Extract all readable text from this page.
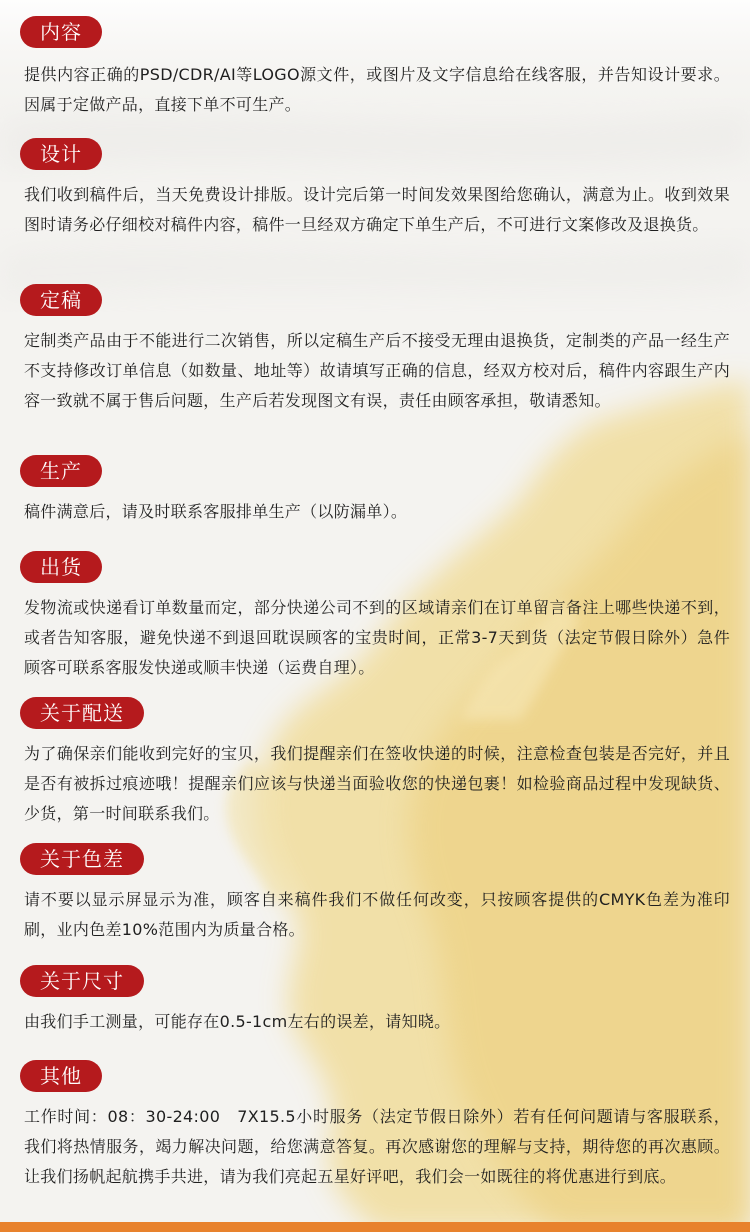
内容
提供内容正确的PSD/CDR/AI等LOGO源文件，或图片及文字信息给在线客服，并告知设计要求。因属于定做产品，直接下单不可生产。
设计
我们收到稿件后，当天免费设计排版。设计完后第一时间发效果图给您确认，满意为止。收到效果图时请务必仔细校对稿件内容，稿件一旦经双方确定下单生产后，不可进行文案修改及退换货。
定稿
定制类产品由于不能进行二次销售，所以定稿生产后不接受无理由退换货，定制类的产品一经生产不支持修改订单信息（如数量、地址等）故请填写正确的信息，经双方校对后，稿件内容跟生产内容一致就不属于售后问题，生产后若发现图文有误，责任由顾客承担，敬请悉知。
生产
稿件满意后，请及时联系客服排单生产（以防漏单）。
出货
发物流或快递看订单数量而定，部分快递公司不到的区域请亲们在订单留言备注上哪些快递不到，或者告知客服，避免快递不到退回耽误顾客的宝贵时间，正常3-7天到货（法定节假日除外）急件顾客可联系客服发快递或顺丰快递（运费自理）。
关于配送
为了确保亲们能收到完好的宝贝，我们提醒亲们在签收快递的时候，注意检查包装是否完好，并且是否有被拆过痕迹哦！提醒亲们应该与快递当面验收您的快递包裹！如检验商品过程中发现缺货、少货，第一时间联系我们。
关于色差
请不要以显示屏显示为准，顾客自来稿件我们不做任何改变，只按顾客提供的CMYK色差为准印刷，业内色差10%范围内为质量合格。
关于尺寸
由我们手工测量，可能存在0.5-1cm左右的误差，请知晓。
其他
工作时间：08：30-24:00　7X15.5小时服务（法定节假日除外）若有任何问题请与客服联系，我们将热情服务，竭力解决问题，给您满意答复。再次感谢您的理解与支持，期待您的再次惠顾。让我们扬帆起航携手共进，请为我们亮起五星好评吧，我们会一如既往的将优惠进行到底。
